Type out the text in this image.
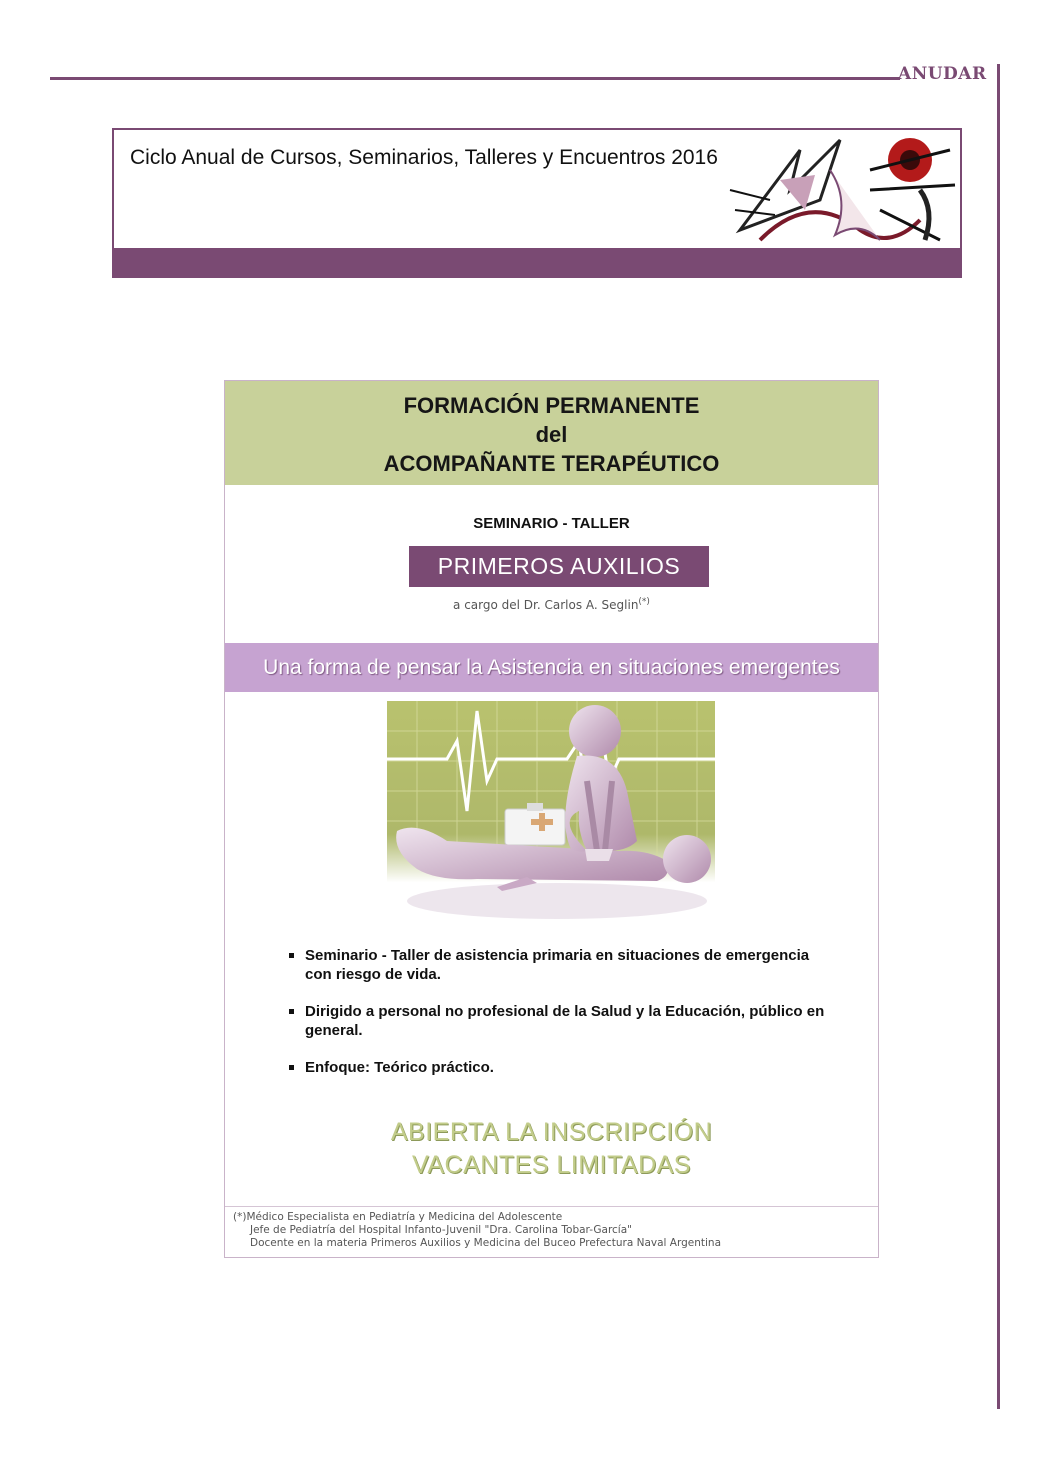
ANUDAR
Ciclo Anual de Cursos, Seminarios, Talleres y Encuentros 2016
FORMACIÓN PERMANENTE
del
ACOMPAÑANTE TERAPÉUTICO
SEMINARIO - TALLER
PRIMEROS AUXILIOS
a cargo del Dr. Carlos A. Seglin(*)
Una forma de pensar la Asistencia en situaciones emergentes
Seminario - Taller de asistencia primaria en situaciones de emergencia con riesgo de vida.
Dirigido a personal no profesional de la Salud y la Educación, público en general.
Enfoque: Teórico práctico.
ABIERTA LA INSCRIPCIÓN
VACANTES LIMITADAS
(*)Médico Especialista en Pediatría y Medicina del Adolescente
Jefe de Pediatría del Hospital Infanto-Juvenil "Dra. Carolina Tobar-García"
Docente en la materia Primeros Auxilios y Medicina del Buceo Prefectura Naval Argentina
